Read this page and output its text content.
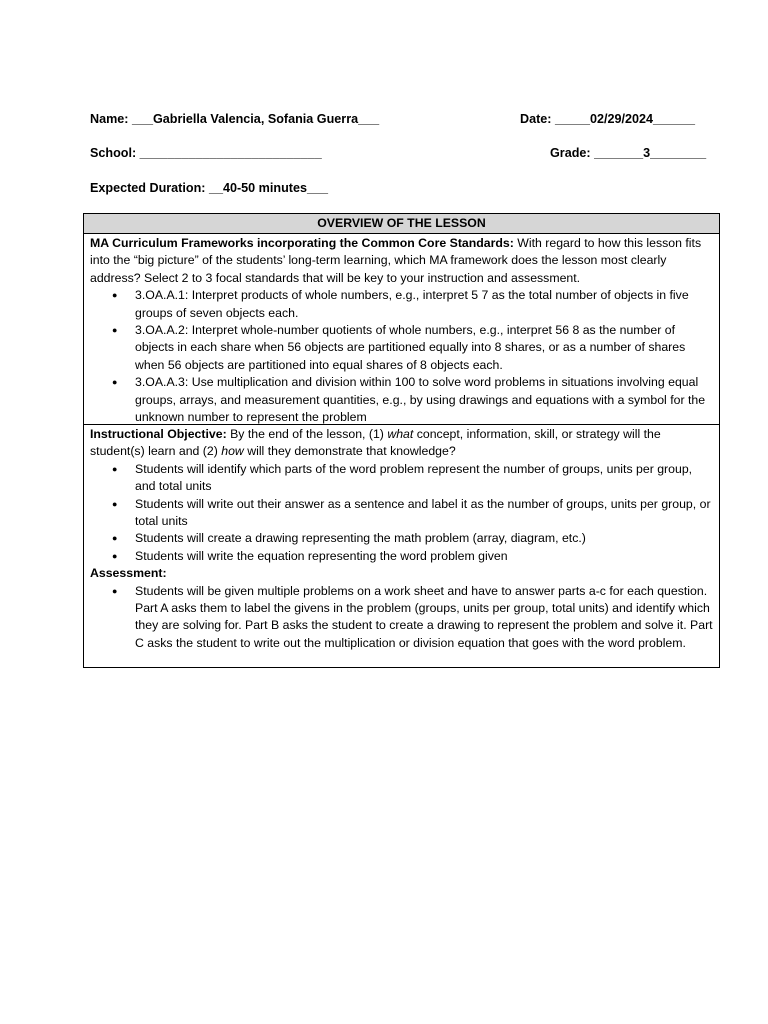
Name: ___Gabriella Valencia, Sofania Guerra___	Date: _____02/29/2024______
School: __________________________	Grade: _______3________
Expected Duration: __40-50 minutes___
OVERVIEW OF THE LESSON

MA Curriculum Frameworks incorporating the Common Core Standards: With regard to how this lesson fits into the “big picture” of the students’ long-term learning, which MA framework does the lesson most clearly address? Select 2 to 3 focal standards that will be key to your instruction and assessment.

● 3.OA.A.1: Interpret products of whole numbers, e.g., interpret 5 7 as the total number of objects in five groups of seven objects each.
● 3.OA.A.2: Interpret whole-number quotients of whole numbers, e.g., interpret 56 8 as the number of objects in each share when 56 objects are partitioned equally into 8 shares, or as a number of shares when 56 objects are partitioned into equal shares of 8 objects each.
● 3.OA.A.3: Use multiplication and division within 100 to solve word problems in situations involving equal groups, arrays, and measurement quantities, e.g., by using drawings and equations with a symbol for the unknown number to represent the problem

Instructional Objective: By the end of the lesson, (1) what concept, information, skill, or strategy will the student(s) learn and (2) how will they demonstrate that knowledge?

● Students will identify which parts of the word problem represent the number of groups, units per group, and total units
● Students will write out their answer as a sentence and label it as the number of groups, units per group, or total units
● Students will create a drawing representing the math problem (array, diagram, etc.)
● Students will write the equation representing the word problem given

Assessment:

● Students will be given multiple problems on a work sheet and have to answer parts a-c for each question. Part A asks them to label the givens in the problem (groups, units per group, total units) and identify which they are solving for. Part B asks the student to create a drawing to represent the problem and solve it. Part C asks the student to write out the multiplication or division equation that goes with the word problem.
